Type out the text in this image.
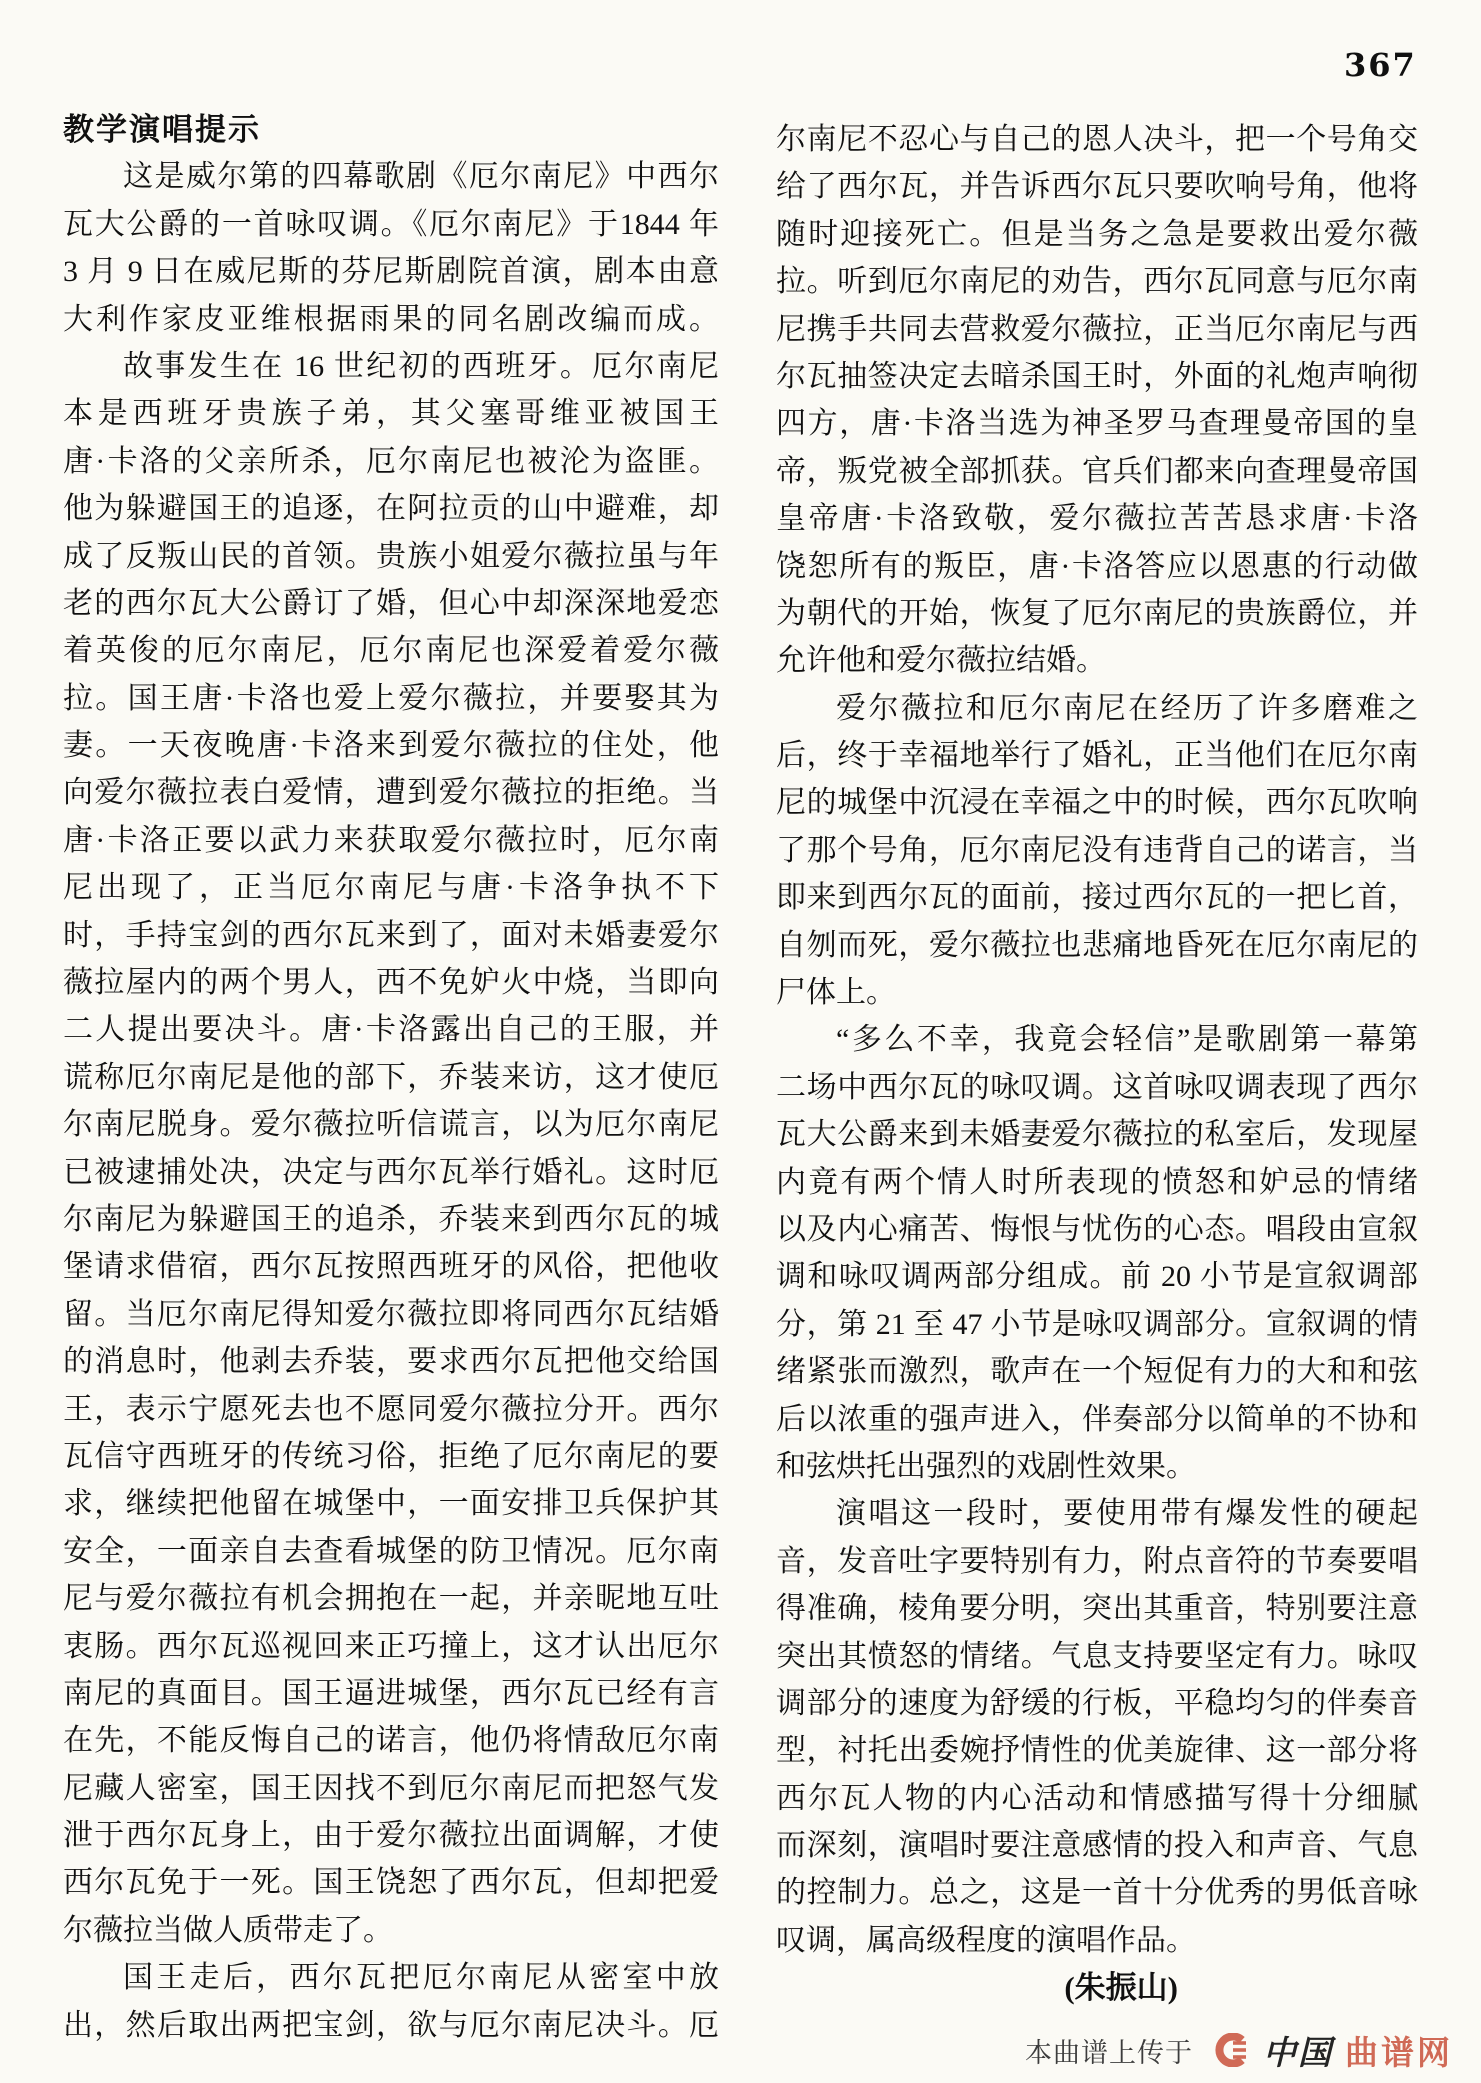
367
教学演唱提示
这是威尔第的四幕歌剧《厄尔南尼》中西尔
瓦大公爵的一首咏叹调。《厄尔南尼》于1844 年
3 月 9 日在威尼斯的芬尼斯剧院首演，剧本由意
大利作家皮亚维根据雨果的同名剧改编而成。
故事发生在 16 世纪初的西班牙。厄尔南尼
本是西班牙贵族子弟，其父塞哥维亚被国王
唐·卡洛的父亲所杀，厄尔南尼也被沦为盗匪。
他为躲避国王的追逐，在阿拉贡的山中避难，却
成了反叛山民的首领。贵族小姐爱尔薇拉虽与年
老的西尔瓦大公爵订了婚，但心中却深深地爱恋
着英俊的厄尔南尼，厄尔南尼也深爱着爱尔薇
拉。国王唐·卡洛也爱上爱尔薇拉，并要娶其为
妻。一天夜晚唐·卡洛来到爱尔薇拉的住处，他
向爱尔薇拉表白爱情，遭到爱尔薇拉的拒绝。当
唐·卡洛正要以武力来获取爱尔薇拉时，厄尔南
尼出现了，正当厄尔南尼与唐·卡洛争执不下
时，手持宝剑的西尔瓦来到了，面对未婚妻爱尔
薇拉屋内的两个男人，西不免妒火中烧，当即向
二人提出要决斗。唐·卡洛露出自己的王服，并
谎称厄尔南尼是他的部下，乔装来访，这才使厄
尔南尼脱身。爱尔薇拉听信谎言，以为厄尔南尼
已被逮捕处决，决定与西尔瓦举行婚礼。这时厄
尔南尼为躲避国王的追杀，乔装来到西尔瓦的城
堡请求借宿，西尔瓦按照西班牙的风俗，把他收
留。当厄尔南尼得知爱尔薇拉即将同西尔瓦结婚
的消息时，他剥去乔装，要求西尔瓦把他交给国
王，表示宁愿死去也不愿同爱尔薇拉分开。西尔
瓦信守西班牙的传统习俗，拒绝了厄尔南尼的要
求，继续把他留在城堡中，一面安排卫兵保护其
安全，一面亲自去查看城堡的防卫情况。厄尔南
尼与爱尔薇拉有机会拥抱在一起，并亲昵地互吐
衷肠。西尔瓦巡视回来正巧撞上，这才认出厄尔
南尼的真面目。国王逼进城堡，西尔瓦已经有言
在先，不能反悔自己的诺言，他仍将情敌厄尔南
尼藏人密室，国王因找不到厄尔南尼而把怒气发
泄于西尔瓦身上，由于爱尔薇拉出面调解，才使
西尔瓦免于一死。国王饶恕了西尔瓦，但却把爱
尔薇拉当做人质带走了。
国王走后，西尔瓦把厄尔南尼从密室中放
出，然后取出两把宝剑，欲与厄尔南尼决斗。厄
尔南尼不忍心与自己的恩人决斗，把一个号角交
给了西尔瓦，并告诉西尔瓦只要吹响号角，他将
随时迎接死亡。但是当务之急是要救出爱尔薇
拉。听到厄尔南尼的劝告，西尔瓦同意与厄尔南
尼携手共同去营救爱尔薇拉，正当厄尔南尼与西
尔瓦抽签决定去暗杀国王时，外面的礼炮声响彻
四方，唐·卡洛当选为神圣罗马查理曼帝国的皇
帝，叛党被全部抓获。官兵们都来向查理曼帝国
皇帝唐·卡洛致敬，爱尔薇拉苦苦恳求唐·卡洛
饶恕所有的叛臣，唐·卡洛答应以恩惠的行动做
为朝代的开始，恢复了厄尔南尼的贵族爵位，并
允许他和爱尔薇拉结婚。
爱尔薇拉和厄尔南尼在经历了许多磨难之
后，终于幸福地举行了婚礼，正当他们在厄尔南
尼的城堡中沉浸在幸福之中的时候，西尔瓦吹响
了那个号角，厄尔南尼没有违背自己的诺言，当
即来到西尔瓦的面前，接过西尔瓦的一把匕首，
自刎而死，爱尔薇拉也悲痛地昏死在厄尔南尼的
尸体上。
“多么不幸，我竟会轻信”是歌剧第一幕第
二场中西尔瓦的咏叹调。这首咏叹调表现了西尔
瓦大公爵来到未婚妻爱尔薇拉的私室后，发现屋
内竟有两个情人时所表现的愤怒和妒忌的情绪
以及内心痛苦、悔恨与忧伤的心态。唱段由宣叙
调和咏叹调两部分组成。前 20 小节是宣叙调部
分，第 21 至 47 小节是咏叹调部分。宣叙调的情
绪紧张而激烈，歌声在一个短促有力的大和和弦
后以浓重的强声进入，伴奏部分以简单的不协和
和弦烘托出强烈的戏剧性效果。
演唱这一段时，要使用带有爆发性的硬起
音，发音吐字要特别有力，附点音符的节奏要唱
得准确，棱角要分明，突出其重音，特别要注意
突出其愤怒的情绪。气息支持要坚定有力。咏叹
调部分的速度为舒缓的行板，平稳均匀的伴奏音
型，衬托出委婉抒情性的优美旋律、这一部分将
西尔瓦人物的内心活动和情感描写得十分细腻
而深刻，演唱时要注意感情的投入和声音、气息
的控制力。总之，这是一首十分优秀的男低音咏
叹调，属高级程度的演唱作品。
(朱振山)
本曲谱上传于 中国 曲谱网
